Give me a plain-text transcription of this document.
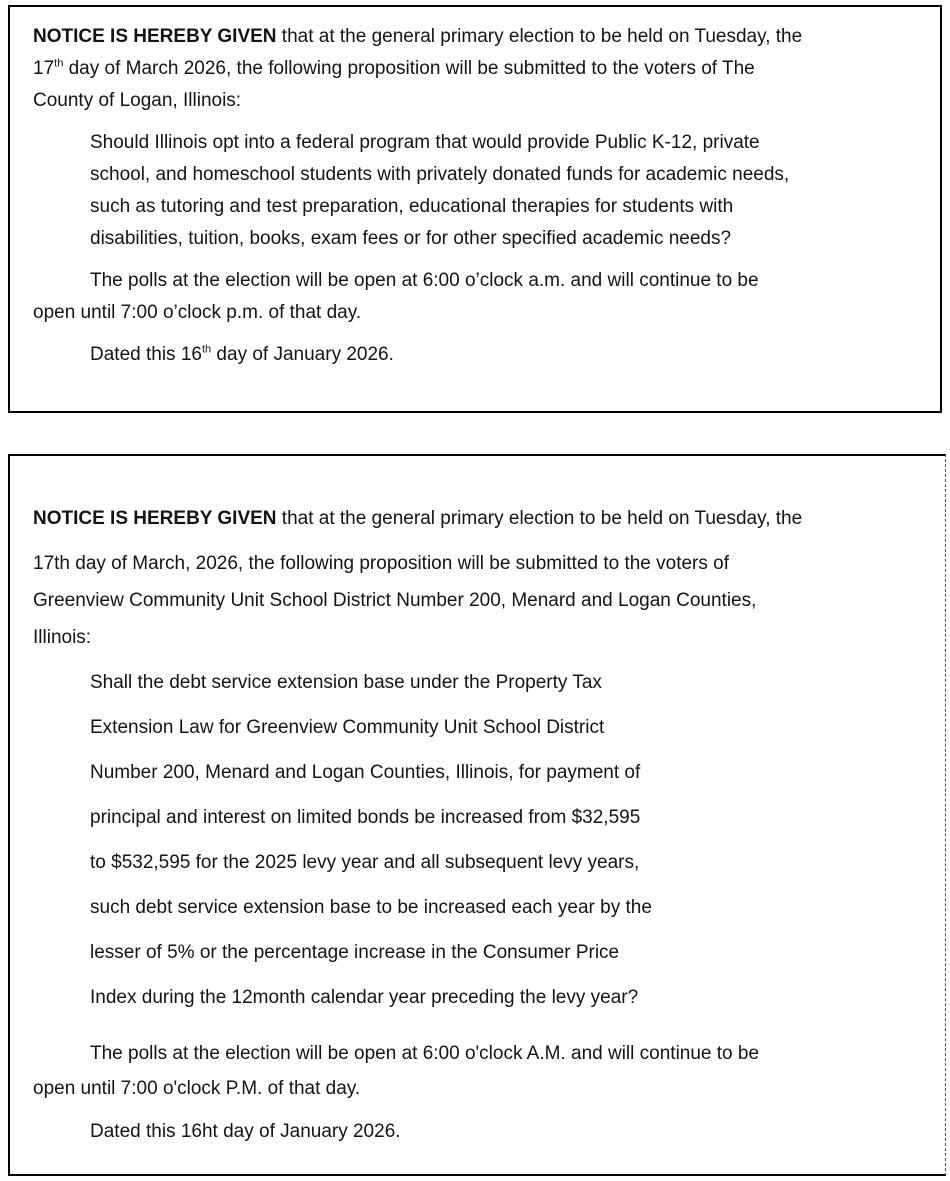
NOTICE IS HEREBY GIVEN that at the general primary election to be held on Tuesday, the
17th day of March 2026, the following proposition will be submitted to the voters of The
County of Logan, Illinois:
Should Illinois opt into a federal program that would provide Public K-12, private
school, and homeschool students with privately donated funds for academic needs,
such as tutoring and test preparation, educational therapies for students with
disabilities, tuition, books, exam fees or for other specified academic needs?
The polls at the election will be open at 6:00 o’clock a.m. and will continue to be
open until 7:00 o’clock p.m. of that day.
Dated this 16th day of January 2026.
NOTICE IS HEREBY GIVEN that at the general primary election to be held on Tuesday, the
17th day of March, 2026, the following proposition will be submitted to the voters of
Greenview Community Unit School District Number 200, Menard and Logan Counties,
Illinois:
Shall the debt service extension base under the Property Tax
Extension Law for Greenview Community Unit School District
Number 200, Menard and Logan Counties, Illinois, for payment of
principal and interest on limited bonds be increased from $32,595
to $532,595 for the 2025 levy year and all subsequent levy years,
such debt service extension base to be increased each year by the
lesser of 5% or the percentage increase in the Consumer Price
Index during the 12month calendar year preceding the levy year?
The polls at the election will be open at 6:00 o'clock A.M. and will continue to be
open until 7:00 o'clock P.M. of that day.
Dated this 16ht day of January 2026.
